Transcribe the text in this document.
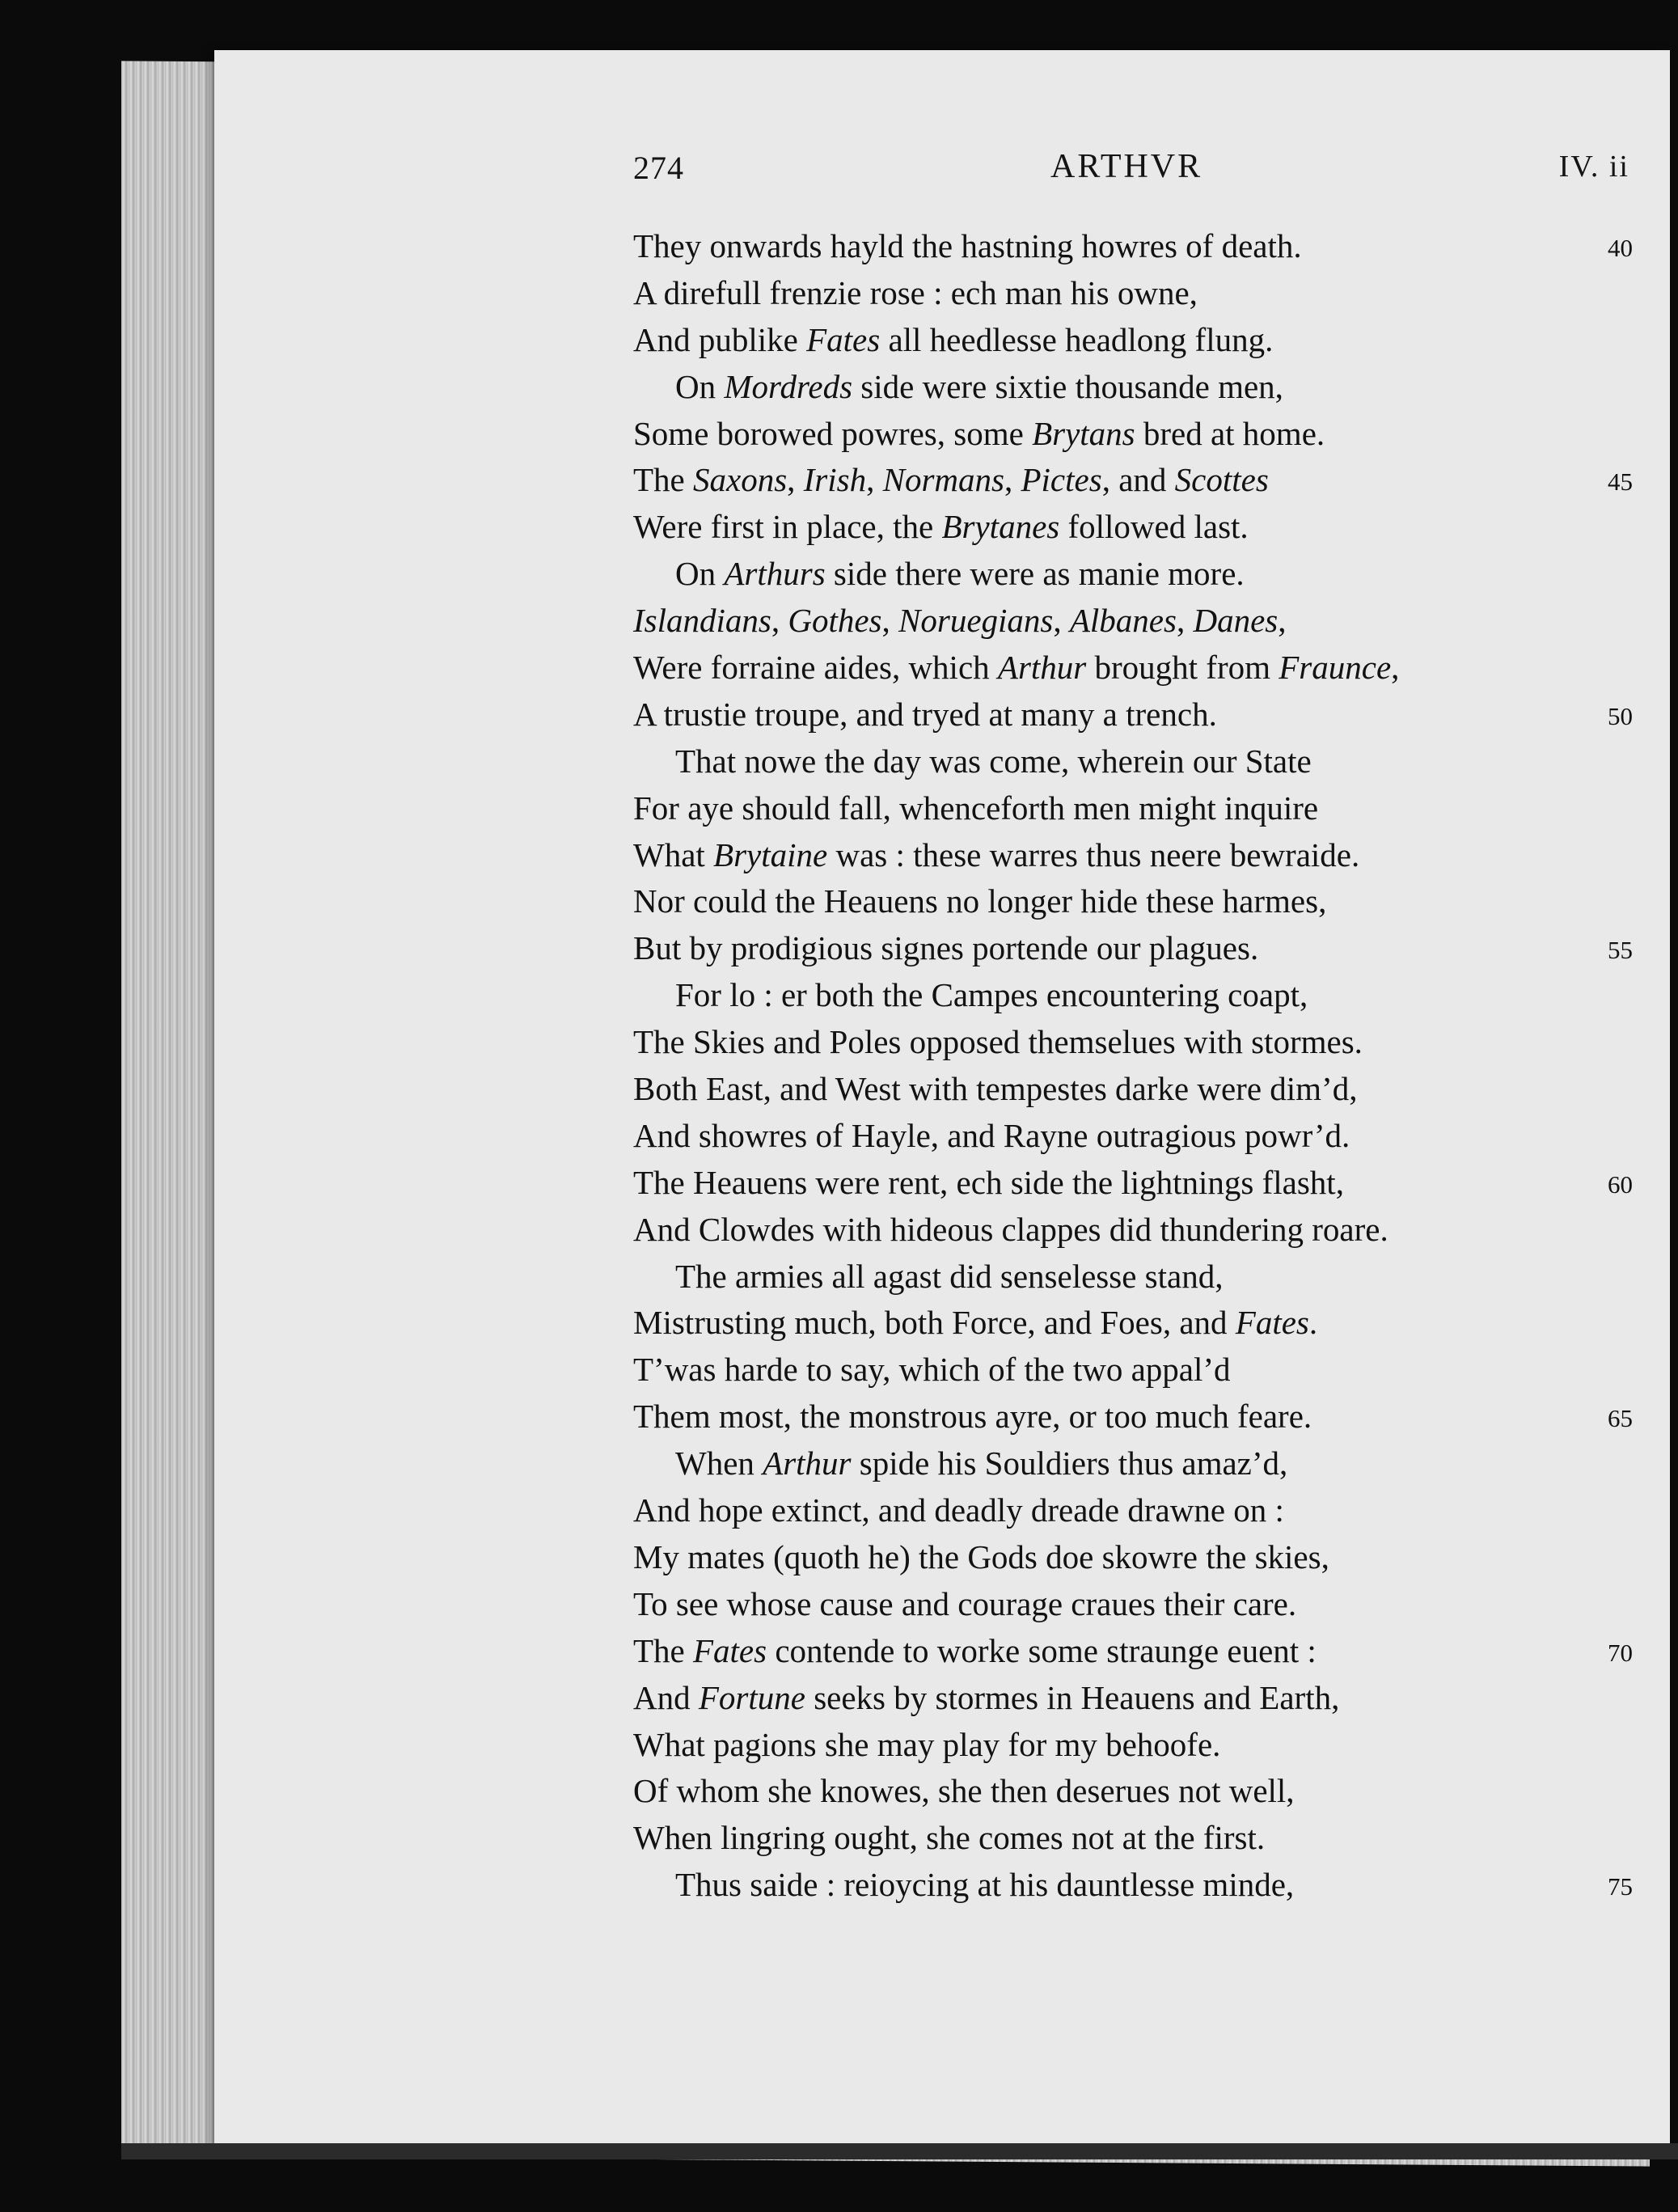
274	ARTHVR	IV. ii
They onwards hayld the hastning howres of death.	40
A direfull frenzie rose : ech man his owne,
And publike Fates all heedlesse headlong flung.
On Mordreds side were sixtie thousande men,
Some borowed powres, some Brytans bred at home.
The Saxons, Irish, Normans, Pictes, and Scottes	45
Were first in place, the Brytanes followed last.
On Arthurs side there were as manie more.
Islandians, Gothes, Noruegians, Albanes, Danes,
Were forraine aides, which Arthur brought from Fraunce,
A trustie troupe, and tryed at many a trench.	50
That nowe the day was come, wherein our State
For aye should fall, whenceforth men might inquire
What Brytaine was : these warres thus neere bewraide.
Nor could the Heauens no longer hide these harmes,
But by prodigious signes portende our plagues.	55
For lo : er both the Campes encountering coapt,
The Skies and Poles opposed themselues with stormes.
Both East, and West with tempestes darke were dim’d,
And showres of Hayle, and Rayne outragious powr’d.
The Heauens were rent, ech side the lightnings flasht,	60
And Clowdes with hideous clappes did thundering roare.
The armies all agast did senselesse stand,
Mistrusting much, both Force, and Foes, and Fates.
T’was harde to say, which of the two appal’d
Them most, the monstrous ayre, or too much feare.	65
When Arthur spide his Souldiers thus amaz’d,
And hope extinct, and deadly dreade drawne on :
My mates (quoth he) the Gods doe skowre the skies,
To see whose cause and courage craues their care.
The Fates contende to worke some straunge euent :	70
And Fortune seeks by stormes in Heauens and Earth,
What pagions she may play for my behoofe.
Of whom she knowes, she then deserues not well,
When lingring ought, she comes not at the first.
Thus saide : reioycing at his dauntlesse minde,	75
